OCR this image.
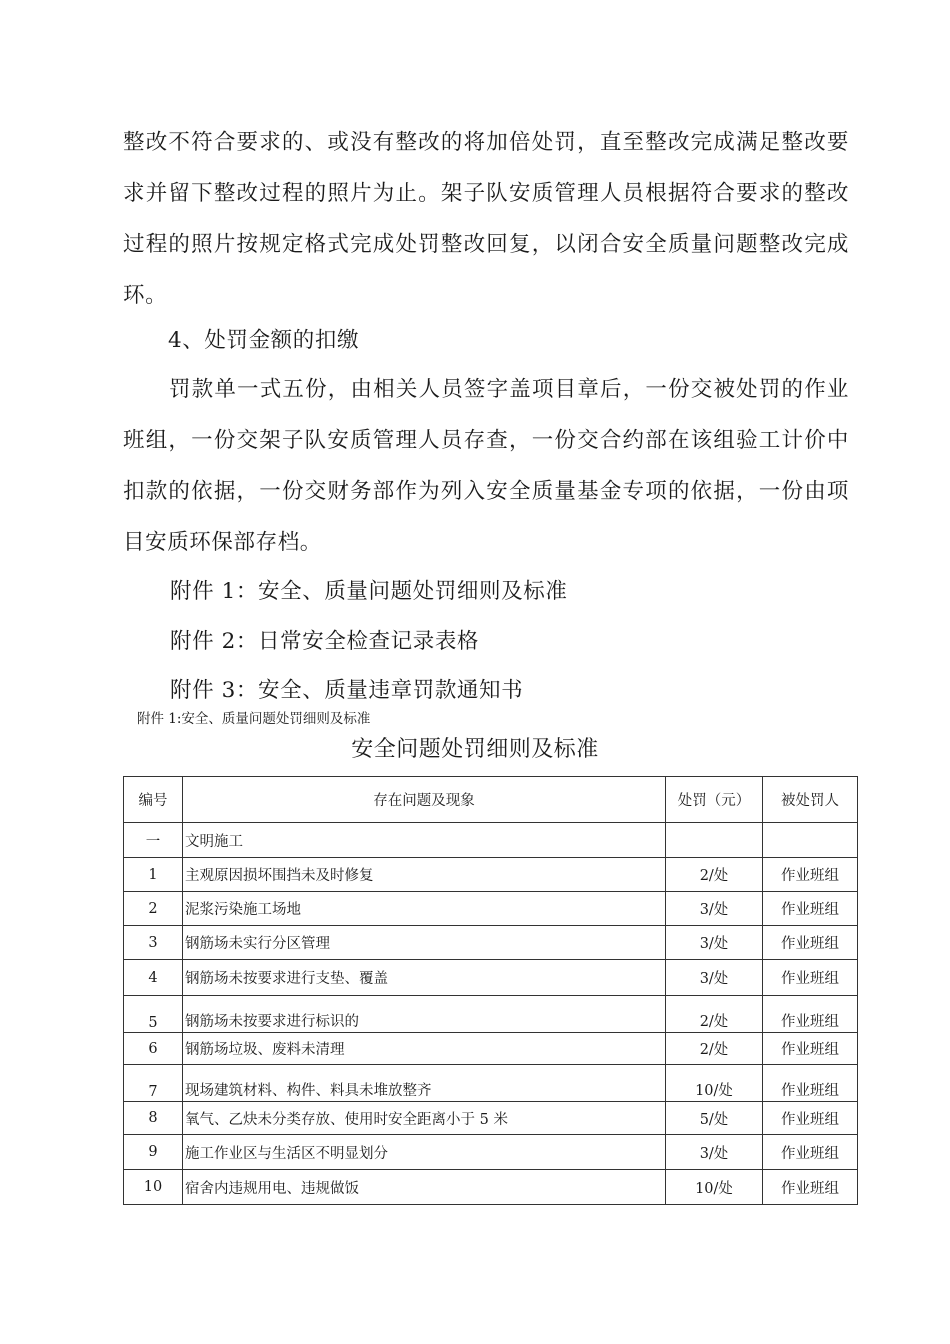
整改不符合要求的、或没有整改的将加倍处罚，直至整改完成满足整改要求并留下整改过程的照片为止。架子队安质管理人员根据符合要求的整改过程的照片按规定格式完成处罚整改回复，以闭合安全质量问题整改完成环。

4、处罚金额的扣缴

罚款单一式五份，由相关人员签字盖项目章后，一份交被处罚的作业班组，一份交架子队安质管理人员存查，一份交合约部在该组验工计价中扣款的依据，一份交财务部作为列入安全质量基金专项的依据，一份由项目安质环保部存档。

附件 1：安全、质量问题处罚细则及标准
附件 2：日常安全检查记录表格
附件 3：安全、质量违章罚款通知书
附件 1:安全、质量问题处罚细则及标准
安全问题处罚细则及标准
编号	存在问题及现象	处罚（元）	被处罚人
一	文明施工		
1	主观原因损坏围挡未及时修复	2/处	作业班组
2	泥浆污染施工场地	3/处	作业班组
3	钢筋场未实行分区管理	3/处	作业班组
4	钢筋场未按要求进行支垫、覆盖	3/处	作业班组
5	钢筋场未按要求进行标识的	2/处	作业班组
6	钢筋场垃圾、废料未清理	2/处	作业班组
7	现场建筑材料、构件、料具未堆放整齐	10/处	作业班组
8	氧气、乙炔未分类存放、使用时安全距离小于 5 米	5/处	作业班组
9	施工作业区与生活区不明显划分	3/处	作业班组
10	宿舍内违规用电、违规做饭	10/处	作业班组
